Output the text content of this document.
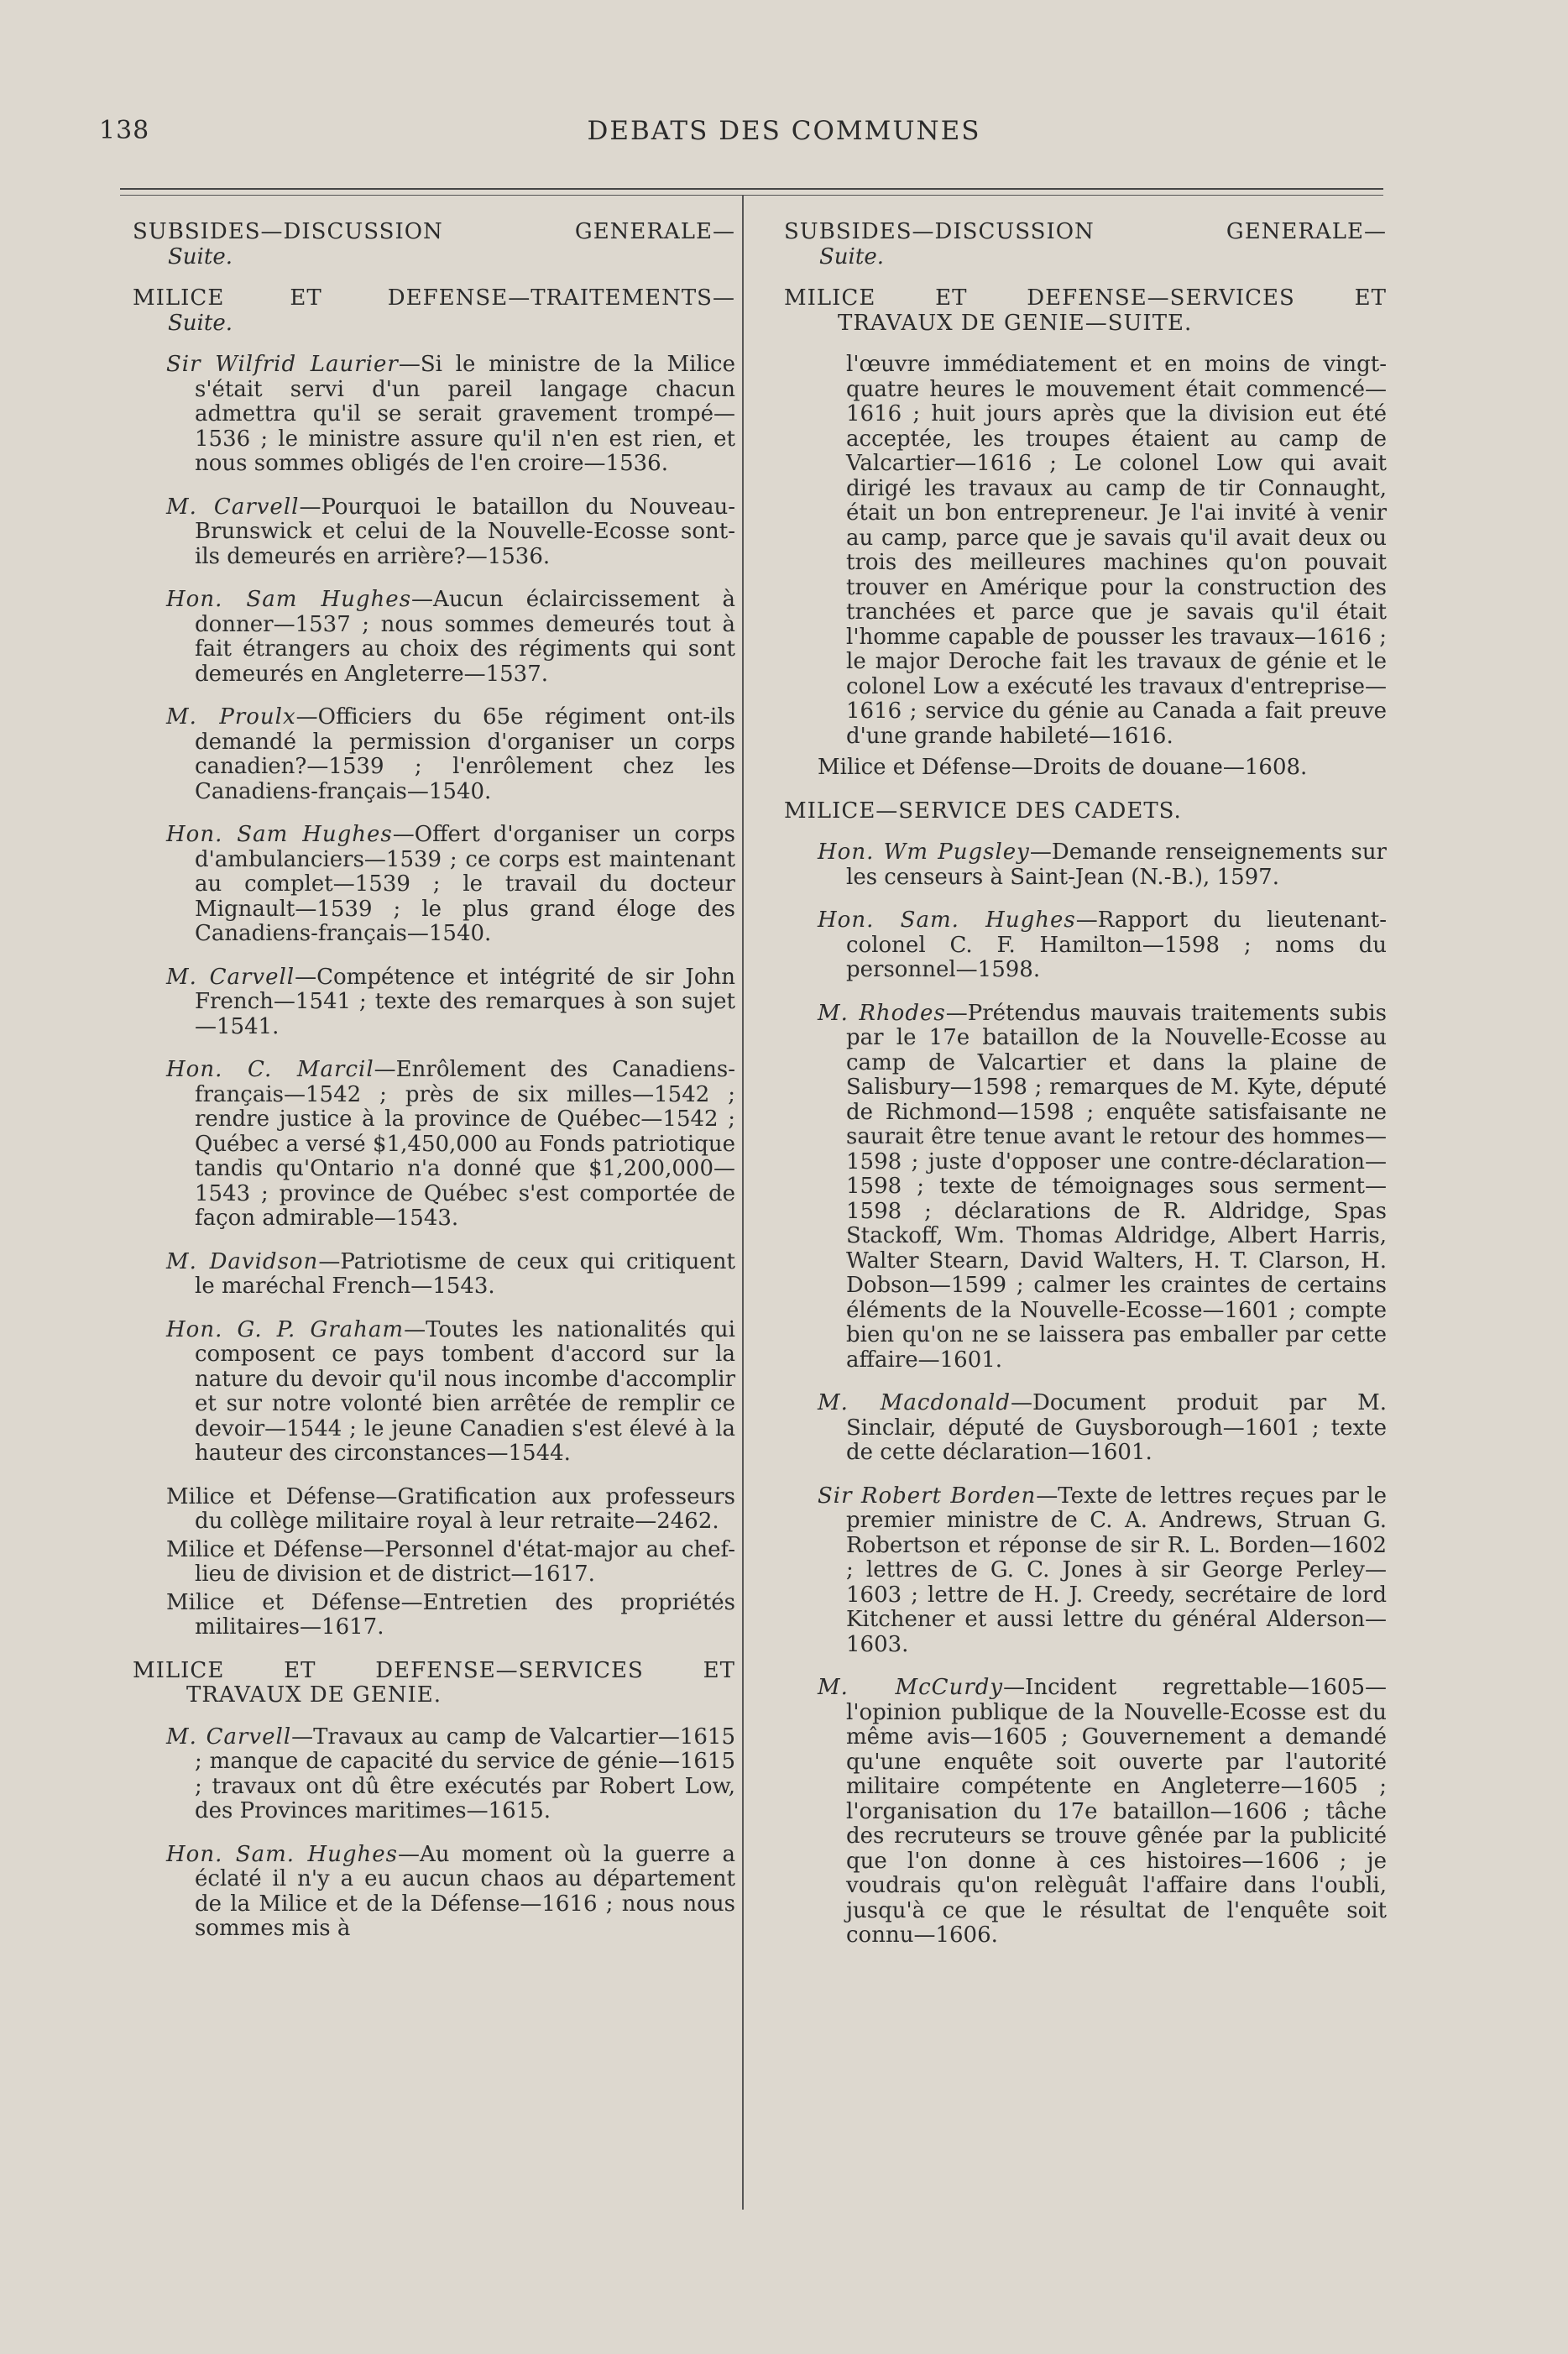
138	DEBATS DES COMMUNES

SUBSIDES—DISCUSSION GENERALE—

Suite.

MILICE ET DEFENSE—TRAITEMENTS—

Suite.

Sir Wilfrid Laurier—Si le ministre de la Milice s'était servi d'un pareil langage chacun admettra qu'il se serait gravement trompé—1536 ; le ministre assure qu'il n'en est rien, et nous sommes obligés de l'en croire—1536.

M. Carvell—Pourquoi le bataillon du Nouveau-Brunswick et celui de la Nouvelle-Ecosse sont-ils demeurés en arrière?—1536.

Hon. Sam Hughes—Aucun éclaircissement à donner—1537 ; nous sommes demeurés tout à fait étrangers au choix des régiments qui sont demeurés en Angleterre—1537.

M. Proulx—Officiers du 65e régiment ont-ils demandé la permission d'organiser un corps canadien?—1539 ; l'enrôlement chez les Canadiens-français—1540.

Hon. Sam Hughes—Offert d'organiser un corps d'ambulanciers—1539 ; ce corps est maintenant au complet—1539 ; le travail du docteur Mignault—1539 ; le plus grand éloge des Canadiens-français—1540.

M. Carvell—Compétence et intégrité de sir John French—1541 ; texte des remarques à son sujet—1541.

Hon. C. Marcil—Enrôlement des Canadiens-français—1542 ; près de six milles—1542 ; rendre justice à la province de Québec—1542 ; Québec a versé $1,450,000 au Fonds patriotique tandis qu'Ontario n'a donné que $1,200,000—1543 ; province de Québec s'est comportée de façon admirable—1543.

M. Davidson—Patriotisme de ceux qui critiquent le maréchal French—1543.

Hon. G. P. Graham—Toutes les nationalités qui composent ce pays tombent d'accord sur la nature du devoir qu'il nous incombe d'accomplir et sur notre volonté bien arrêtée de remplir ce devoir—1544 ; le jeune Canadien s'est élevé à la hauteur des circonstances—1544.

Milice et Défense—Gratification aux professeurs du collège militaire royal à leur retraite—2462.

Milice et Défense—Personnel d'état-major au chef-lieu de division et de district—1617.

Milice et Défense—Entretien des propriétés militaires—1617.

MILICE ET DEFENSE—SERVICES ET

TRAVAUX DE GENIE.

M. Carvell—Travaux au camp de Valcartier—1615 ; manque de capacité du service de génie—1615 ; travaux ont dû être exécutés par Robert Low, des Provinces maritimes—1615.

Hon. Sam. Hughes—Au moment où la guerre a éclaté il n'y a eu aucun chaos au département de la Milice et de la Défense—1616 ; nous nous sommes mis à

SUBSIDES—DISCUSSION GENERALE—

Suite.

MILICE ET DEFENSE—SERVICES ET

TRAVAUX DE GENIE—SUITE.

l'œuvre immédiatement et en moins de vingt-quatre heures le mouvement était commencé—1616 ; huit jours après que la division eut été acceptée, les troupes étaient au camp de Valcartier—1616 ; Le colonel Low qui avait dirigé les travaux au camp de tir Connaught, était un bon entrepreneur. Je l'ai invité à venir au camp, parce que je savais qu'il avait deux ou trois des meilleures machines qu'on pouvait trouver en Amérique pour la construction des tranchées et parce que je savais qu'il était l'homme capable de pousser les travaux—1616 ; le major Deroche fait les travaux de génie et le colonel Low a exécuté les travaux d'entreprise—1616 ; service du génie au Canada a fait preuve d'une grande habileté—1616.

Milice et Défense—Droits de douane—1608.

MILICE—SERVICE DES CADETS.

Hon. Wm Pugsley—Demande renseignements sur les censeurs à Saint-Jean (N.-B.), 1597.

Hon. Sam. Hughes—Rapport du lieutenant-colonel C. F. Hamilton—1598 ; noms du personnel—1598.

M. Rhodes—Prétendus mauvais traitements subis par le 17e bataillon de la Nouvelle-Ecosse au camp de Valcartier et dans la plaine de Salisbury—1598 ; remarques de M. Kyte, député de Richmond—1598 ; enquête satisfaisante ne saurait être tenue avant le retour des hommes—1598 ; juste d'opposer une contre-déclaration—1598 ; texte de témoignages sous serment—1598 ; déclarations de R. Aldridge, Spas Stackoff, Wm. Thomas Aldridge, Albert Harris, Walter Stearn, David Walters, H. T. Clarson, H. Dobson—1599 ; calmer les craintes de certains éléments de la Nouvelle-Ecosse—1601 ; compte bien qu'on ne se laissera pas emballer par cette affaire—1601.

M. Macdonald—Document produit par M. Sinclair, député de Guysborough—1601 ; texte de cette déclaration—1601.

Sir Robert Borden—Texte de lettres reçues par le premier ministre de C. A. Andrews, Struan G. Robertson et réponse de sir R. L. Borden—1602 ; lettres de G. C. Jones à sir George Perley—1603 ; lettre de H. J. Creedy, secrétaire de lord Kitchener et aussi lettre du général Alderson—1603.

M. McCurdy—Incident regrettable—1605—l'opinion publique de la Nouvelle-Ecosse est du même avis—1605 ; Gouvernement a demandé qu'une enquête soit ouverte par l'autorité militaire compétente en Angleterre—1605 ; l'organisation du 17e bataillon—1606 ; tâche des recruteurs se trouve gênée par la publicité que l'on donne à ces histoires—1606 ; je voudrais qu'on relèguât l'affaire dans l'oubli, jusqu'à ce que le résultat de l'enquête soit connu—1606.
